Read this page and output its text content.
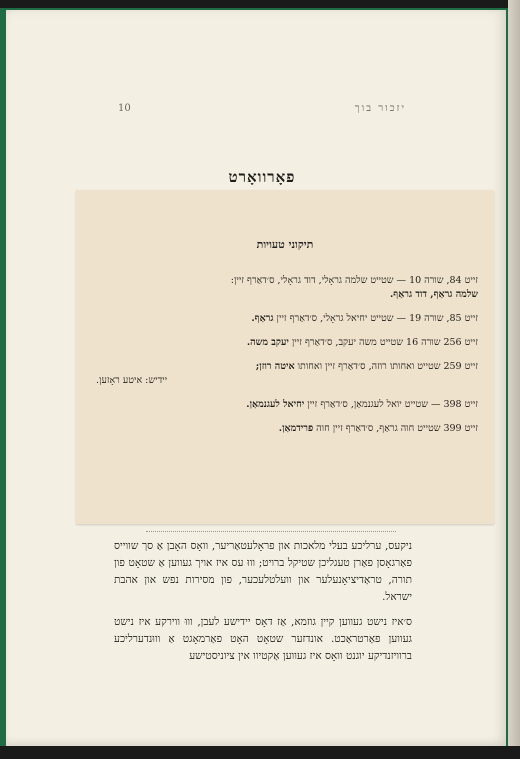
10	יזכור בוך
פאָרוואָרט

ניקעס, ערליכע בעלי מלאכות און פראָלעטאַריער, וואָס האָבן אַ סך שווייס פאַרגאָסן פאַרן טעגליכן שטיקל ברויט; וווּ עס איז אויך געווען אַ שטאָט פון תורה, טראַדיציאָנעלער און וועלטלעכער, פון מסירות נפש און אהבת ישראל.

ס׳איז נישט געווען קיין גוזמא, אַז דאָס יידישע לעבן, וווּ ווירקע איז נישט געווען פאַרטראַכט. אונדזער שטאָט האָט פאַרמאָגט אַ וווּנדערליכע ברוויזנדיקע יוגנט וואָס איז געווען אַקטיוו אין ציוניסטישע

תיקוני טעויות
זייט 84, שורה 10 — שטייט שלמה גראָלי, דוד גראָלי, ס׳דאַרף זיין:
שלמה גראַף, דוד גראַף.
זייט 85, שורה 19 — שטייט יחיאל גראָלי, ס׳דאַרף זיין גראַף.
זייט 256 שורה 16 שטייט משה יעקב, ס׳דאַרף זיין יעקב משה.
זייט 259 שטייט ואחותו רוזה, ס׳דאַרף זיין ואחותו איטה רוזן;
יידיש: איטע ראָזען.
זייט 398 — שטייט יואל לעגנמאַן, ס׳דאַרף זיין יחיאל לעגנמאַן.
זייט 399 שטייט חוה גראַף, ס׳דאַרף זיין חוה פרידמאַן.
